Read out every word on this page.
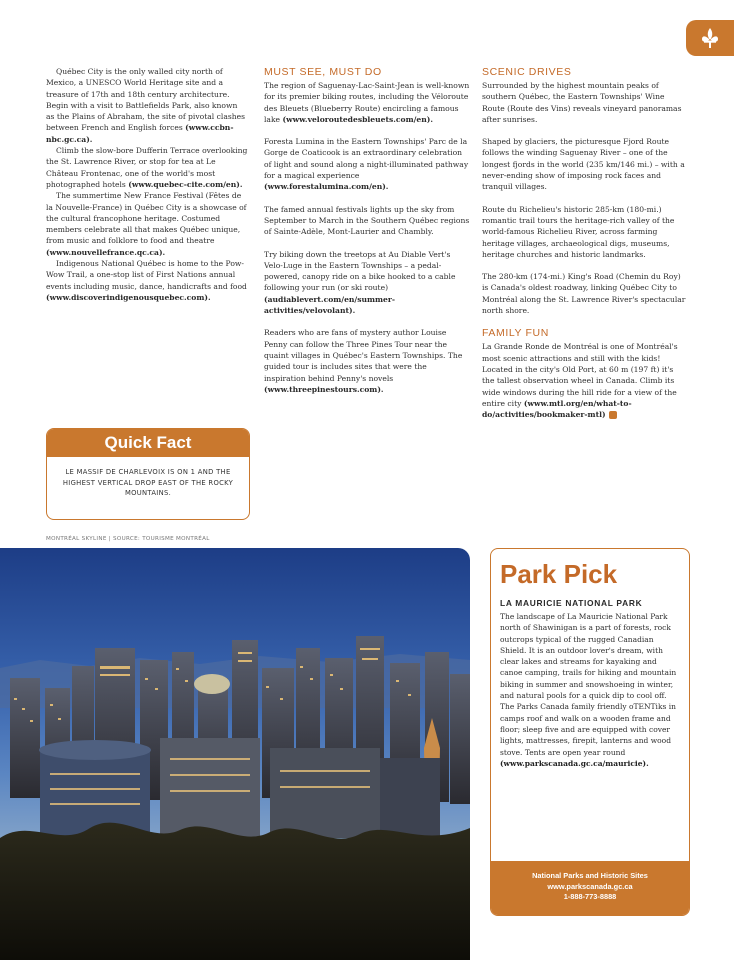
Québec City is the only walled city north of Mexico, a UNESCO World Heritage site and a treasure of 17th and 18th century architecture. Begin with a visit to Battlefields Park, also known as the Plains of Abraham, the site of pivotal clashes between French and English forces (www.ccbn-nbc.gc.ca).

Climb the slow-bore Dufferin Terrace overlooking the St. Lawrence River, or stop for tea at Le Château Frontenac, one of the world's most photographed hotels (www.quebec-cite.com/en).

The summertime New France Festival (Fêtes de la Nouvelle-France) in Québec City is a showcase of the cultural francophone heritage. Costumed members celebrate all that makes Québec unique, from music and folklore to food and theatre (www.nouvellefrance.qc.ca).

Indigenous National Québec is home to the Pow-Wow Trail, a one-stop list of First Nations annual events including music, dance, handicrafts and food (www.discoverindigenousquebec.com).

Quick Fact
LE MASSIF DE CHARLEVOIX IS ON 1 AND THE HIGHEST VERTICAL DROP EAST OF THE ROCKY MOUNTAINS.
MONTRÉAL SKYLINE | SOURCE: TOURISME MONTRÉAL
MUST SEE, MUST DO

The region of Saguenay-Lac-Saint-Jean is well-known for its premier biking routes, including the Véloroute des Bleuets (Blueberry Route) encircling a famous lake (www.veloroutedesbleuets.com/en).

Foresta Lumina in the Eastern Townships' Parc de la Gorge de Coaticook is an extraordinary celebration of light and sound along a night-illuminated pathway for a magical experience (www.forestalumina.com/en).

The famed annual festivals lights up the sky from September to March in the Southern Québec regions of Sainte-Adèle, Mont-Laurier and Chambly.

Try biking down the treetops at Au Diable Vert's Velo-Luge in the Eastern Townships – a pedal-powered, canopy ride on a bike hooked to a cable following your run (or ski route) (audiablevert.com/en/summer-activities/velovolant).

Readers who are fans of mystery author Louise Penny can follow the Three Pines Tour near the quaint villages in Québec's Eastern Townships. The guided tour is includes sites that were the inspiration behind Penny's novels (www.threepinestours.com).

SCENIC DRIVES

Surrounded by the highest mountain peaks of southern Québec, the Eastern Townships' Wine Route (Route des Vins) reveals vineyard panoramas after sunrises.

Shaped by glaciers, the picturesque Fjord Route follows the winding Saguenay River – one of the longest fjords in the world (235 km/146 mi.) – with a never-ending show of imposing rock faces and tranquil villages.

Route du Richelieu's historic 285-km (180-mi.) romantic trail tours the heritage-rich valley of the world-famous Richelieu River, across farming heritage villages, archaeological digs, museums, heritage churches and historic landmarks.

The 280-km (174-mi.) King's Road (Chemin du Roy) is Canada's oldest roadway, linking Québec City to Montréal along the St. Lawrence River's spectacular north shore.

FAMILY FUN

La Grande Ronde de Montréal is one of Montréal's most scenic attractions and still with the kids! Located in the city's Old Port, at 60 m (197 ft) it's the tallest observation wheel in Canada. Climb its wide windows during the hill ride for a view of the entire city (www.mtl.org/en/what-to-do/activities/bookmaker-mtl)

Park Pick
LA MAURICIE NATIONAL PARK
The landscape of La Mauricie National Park north of Shawinigan is a part of forests, rock outcrops typical of the rugged Canadian Shield. It is an outdoor lover's dream, with clear lakes and streams for kayaking and canoe camping, trails for hiking and mountain biking in summer and snowshoeing in winter, and natural pools for a quick dip to cool off. The Parks Canada family friendly oTENTiks in camps roof and walk on a wooden frame and floor; sleep five and are equipped with cover lights, mattresses, firepit, lanterns and wood stove. Tents are open year round (www.parkscanada.gc.ca/mauricie).
National Parks and Historic Sites
www.parkscanada.gc.ca
1-888-773-8888
